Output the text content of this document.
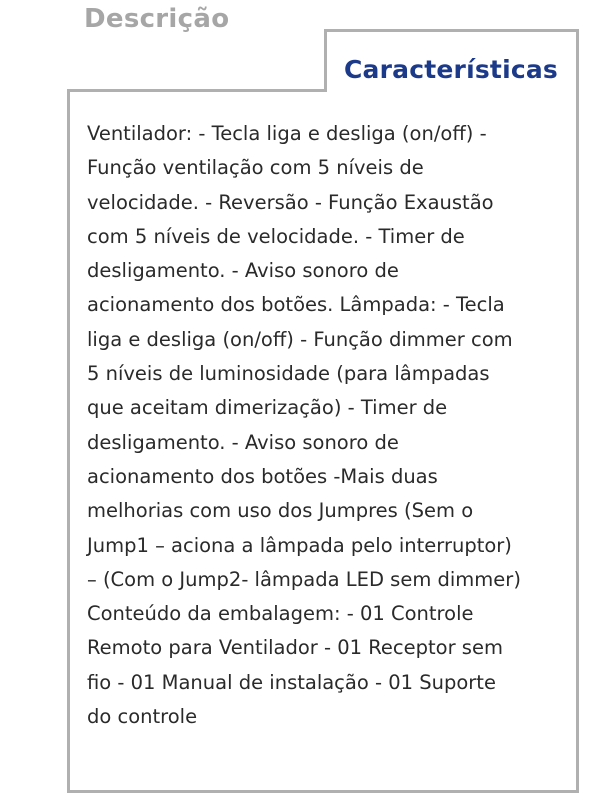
Descrição
Características
Ventilador: - Tecla liga e desliga (on/off) -
Função ventilação com 5 níveis de
velocidade. - Reversão - Função Exaustão
com 5 níveis de velocidade. - Timer de
desligamento. - Aviso sonoro de
acionamento dos botões. Lâmpada: - Tecla
liga e desliga (on/off) - Função dimmer com
5 níveis de luminosidade (para lâmpadas
que aceitam dimerização) - Timer de
desligamento. - Aviso sonoro de
acionamento dos botões -Mais duas
melhorias com uso dos Jumpres (Sem o
Jump1 – aciona a lâmpada pelo interruptor)
– (Com o Jump2- lâmpada LED sem dimmer)
Conteúdo da embalagem: - 01 Controle
Remoto para Ventilador - 01 Receptor sem
fio - 01 Manual de instalação - 01 Suporte
do controle
